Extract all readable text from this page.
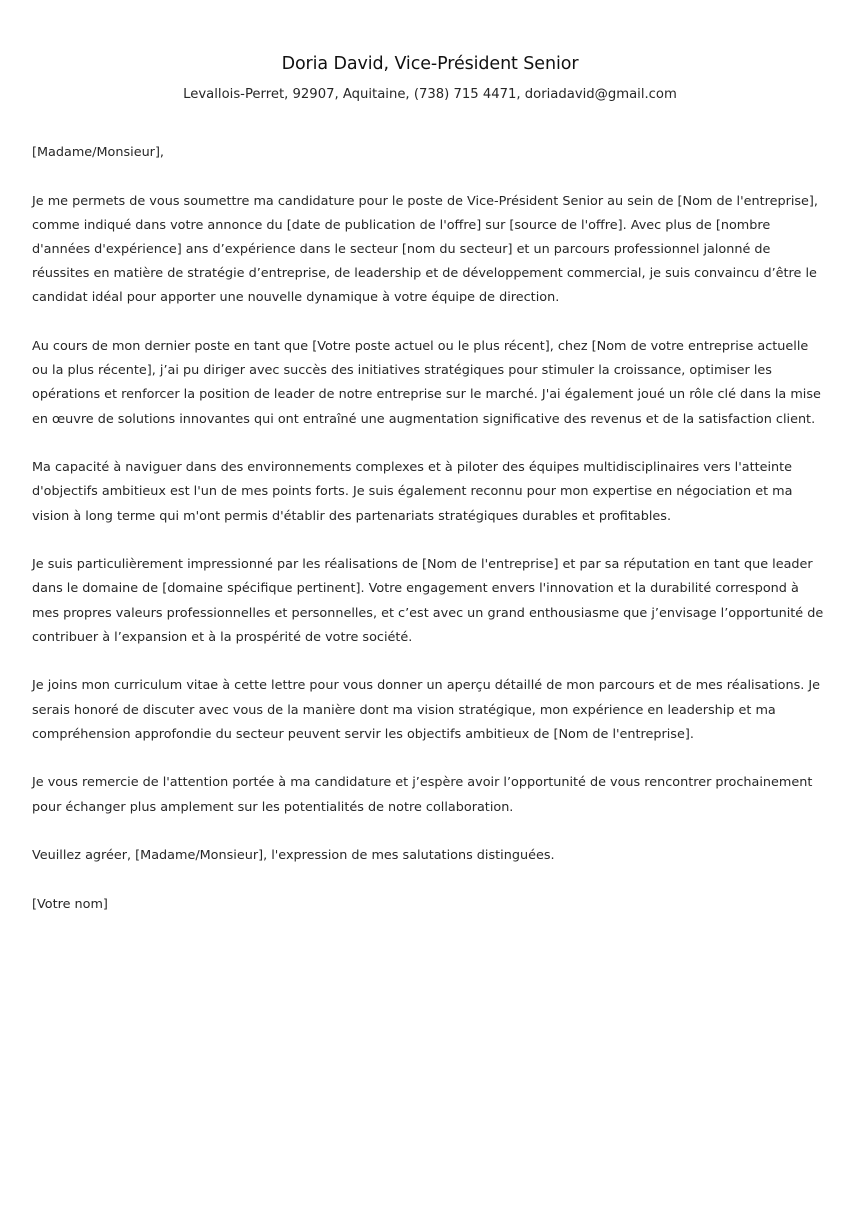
Doria David, Vice-Président Senior

Levallois-Perret, 92907, Aquitaine, (738) 715 4471, doriadavid@gmail.com

[Madame/Monsieur],

Je me permets de vous soumettre ma candidature pour le poste de Vice-Président Senior au sein de [Nom de l'entreprise], comme indiqué dans votre annonce du [date de publication de l'offre] sur [source de l'offre]. Avec plus de [nombre d'années d'expérience] ans d’expérience dans le secteur [nom du secteur] et un parcours professionnel jalonné de réussites en matière de stratégie d’entreprise, de leadership et de développement commercial, je suis convaincu d’être le candidat idéal pour apporter une nouvelle dynamique à votre équipe de direction.

Au cours de mon dernier poste en tant que [Votre poste actuel ou le plus récent], chez [Nom de votre entreprise actuelle ou la plus récente], j’ai pu diriger avec succès des initiatives stratégiques pour stimuler la croissance, optimiser les opérations et renforcer la position de leader de notre entreprise sur le marché. J'ai également joué un rôle clé dans la mise en œuvre de solutions innovantes qui ont entraîné une augmentation significative des revenus et de la satisfaction client.

Ma capacité à naviguer dans des environnements complexes et à piloter des équipes multidisciplinaires vers l'atteinte d'objectifs ambitieux est l'un de mes points forts. Je suis également reconnu pour mon expertise en négociation et ma vision à long terme qui m'ont permis d'établir des partenariats stratégiques durables et profitables.

Je suis particulièrement impressionné par les réalisations de [Nom de l'entreprise] et par sa réputation en tant que leader dans le domaine de [domaine spécifique pertinent]. Votre engagement envers l'innovation et la durabilité correspond à mes propres valeurs professionnelles et personnelles, et c’est avec un grand enthousiasme que j’envisage l’opportunité de contribuer à l’expansion et à la prospérité de votre société.

Je joins mon curriculum vitae à cette lettre pour vous donner un aperçu détaillé de mon parcours et de mes réalisations. Je serais honoré de discuter avec vous de la manière dont ma vision stratégique, mon expérience en leadership et ma compréhension approfondie du secteur peuvent servir les objectifs ambitieux de [Nom de l'entreprise].

Je vous remercie de l'attention portée à ma candidature et j’espère avoir l’opportunité de vous rencontrer prochainement pour échanger plus amplement sur les potentialités de notre collaboration.

Veuillez agréer, [Madame/Monsieur], l'expression de mes salutations distinguées.

[Votre nom]
